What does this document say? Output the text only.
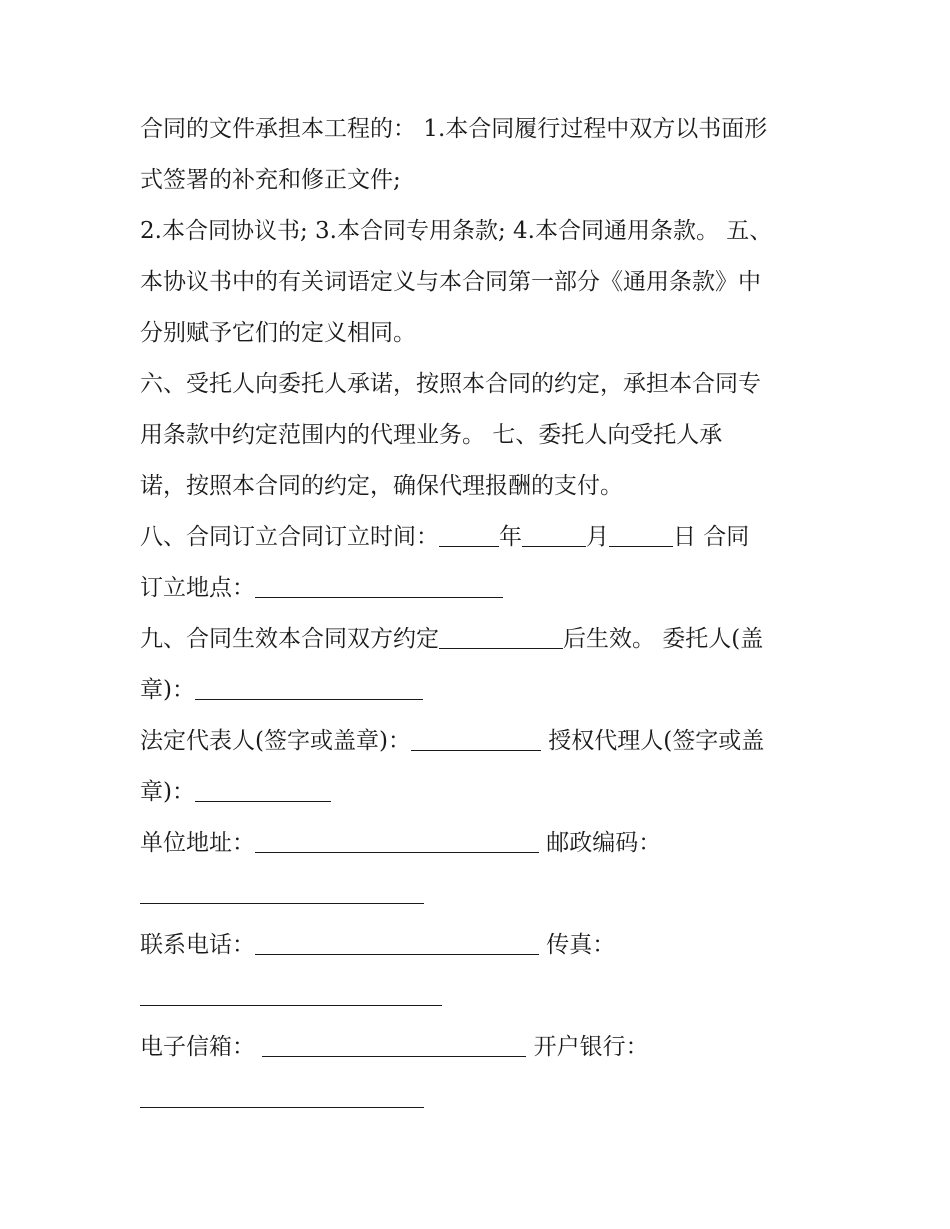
合同的文件承担本工程的： 1.本合同履行过程中双方以书面形
式签署的补充和修正文件;
2.本合同协议书; 3.本合同专用条款; 4.本合同通用条款。 五、
本协议书中的有关词语定义与本合同第一部分《通用条款》中
分别赋予它们的定义相同。
六、受托人向委托人承诺，按照本合同的约定，承担本合同专
用条款中约定范围内的代理业务。 七、委托人向受托人承
诺，按照本合同的约定，确保代理报酬的支付。
八、合同订立合同订立时间：	年	月	日 合同
订立地点：
九、合同生效本合同双方约定	后生效。 委托人(盖
章)：
法定代表人(签字或盖章)：	授权代理人(签字或盖
章)：
单位地址：	邮政编码：
联系电话：	传真：
电子信箱：	开户银行：
